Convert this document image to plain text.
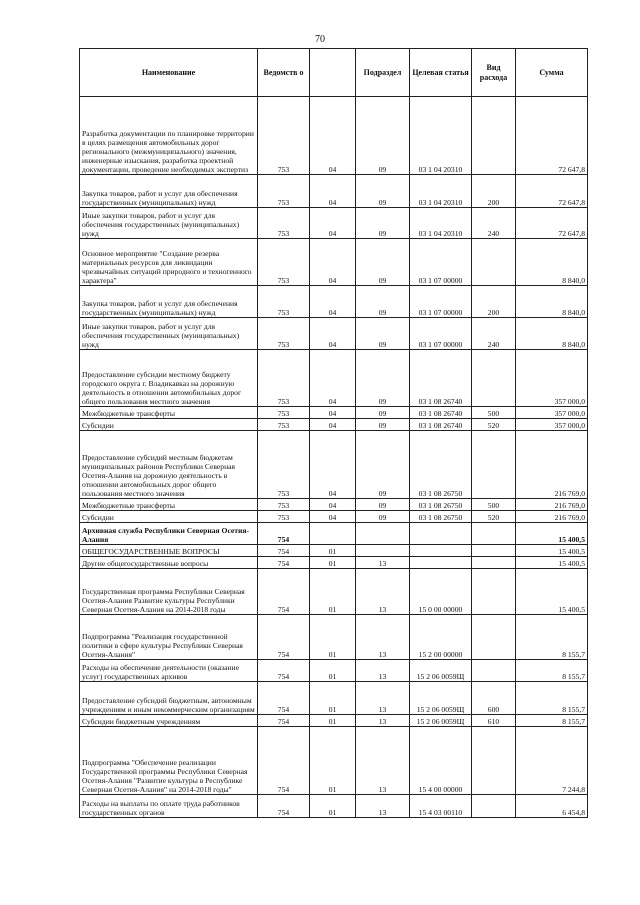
70
Наименование	Ведомств о		Подраздел	Целевая статья	Вид расхода	Сумма
Разработка документации по планировке территории в целях размещения автомобильных дорог регионального (межмуниципального) значения, инженерные изыскания, разработка проектной документации, проведение необходимых экспертиз	753	04	09	03 1 04 20310		72 647,8
Закупка товаров, работ и услуг для обеспечения государственных (муниципальных) нужд	753	04	09	03 1 04 20310	200	72 647,8
Иные закупки товаров, работ и услуг для обеспечения государственных (муниципальных) нужд	753	04	09	03 1 04 20310	240	72 647,8
Основное мероприятие "Создание резерва материальных ресурсов для ликвидации чрезвычайных ситуаций природного и техногенного характера"	753	04	09	03 1 07 00000		8 840,0
Закупка товаров, работ и услуг для обеспечения государственных (муниципальных) нужд	753	04	09	03 1 07 00000	200	8 840,0
Иные закупки товаров, работ и услуг для обеспечения государственных (муниципальных) нужд	753	04	09	03 1 07 00000	240	8 840,0
Предоставление субсидии местному бюджету городского округа г. Владикавказ на дорожную деятельность в отношении автомобильных дорог общего пользования местного значения	753	04	09	03 1 08 26740		357 000,0
Межбюджетные трансферты	753	04	09	03 1 08 26740	500	357 000,0
Субсидии	753	04	09	03 1 08 26740	520	357 000,0
Предоставление субсидий местным бюджетам муниципальных районов Республики Северная Осетия-Алания на дорожную деятельность в отношении автомобильных дорог общего пользования местного значения	753	04	09	03 1 08 26750		216 769,0
Межбюджетные трансферты	753	04	09	03 1 08 26750	500	216 769,0
Субсидии	753	04	09	03 1 08 26750	520	216 769,0
Архивная служба Республики Северная Осетия-Алания	754					15 400,5
ОБЩЕГОСУДАРСТВЕННЫЕ ВОПРОСЫ	754	01				15 400,5
Другие общегосударственные вопросы	754	01	13			15 400,5
Государственная программа Республики Северная Осетия-Алания Развитие культуры Республики Северная Осетия-Алания на 2014-2018 годы	754	01	13	15 0 00 00000		15 400,5
Подпрограмма "Реализация государственной политики в сфере культуры Республики Северная Осетия-Алания"	754	01	13	15 2 00 00000		8 155,7
Расходы на обеспечение деятельности (оказание услуг) государственных архивов	754	01	13	15 2 06 0059Щ		8 155,7
Предоставление субсидий бюджетным, автономным учреждениям и иным некоммерческим организациям	754	01	13	15 2 06 0059Щ	600	8 155,7
Субсидии бюджетным учреждениям	754	01	13	15 2 06 0059Щ	610	8 155,7
Подпрограмма "Обеспечение реализации Государственной программы Республики Северная Осетия-Алания "Развитие культуры в Республике Северная Осетия-Алания" на 2014-2018 годы"	754	01	13	15 4 00 00000		7 244,8
Расходы на выплаты по оплате труда работников государственных органов	754	01	13	15 4 03 00110		6 454,8
